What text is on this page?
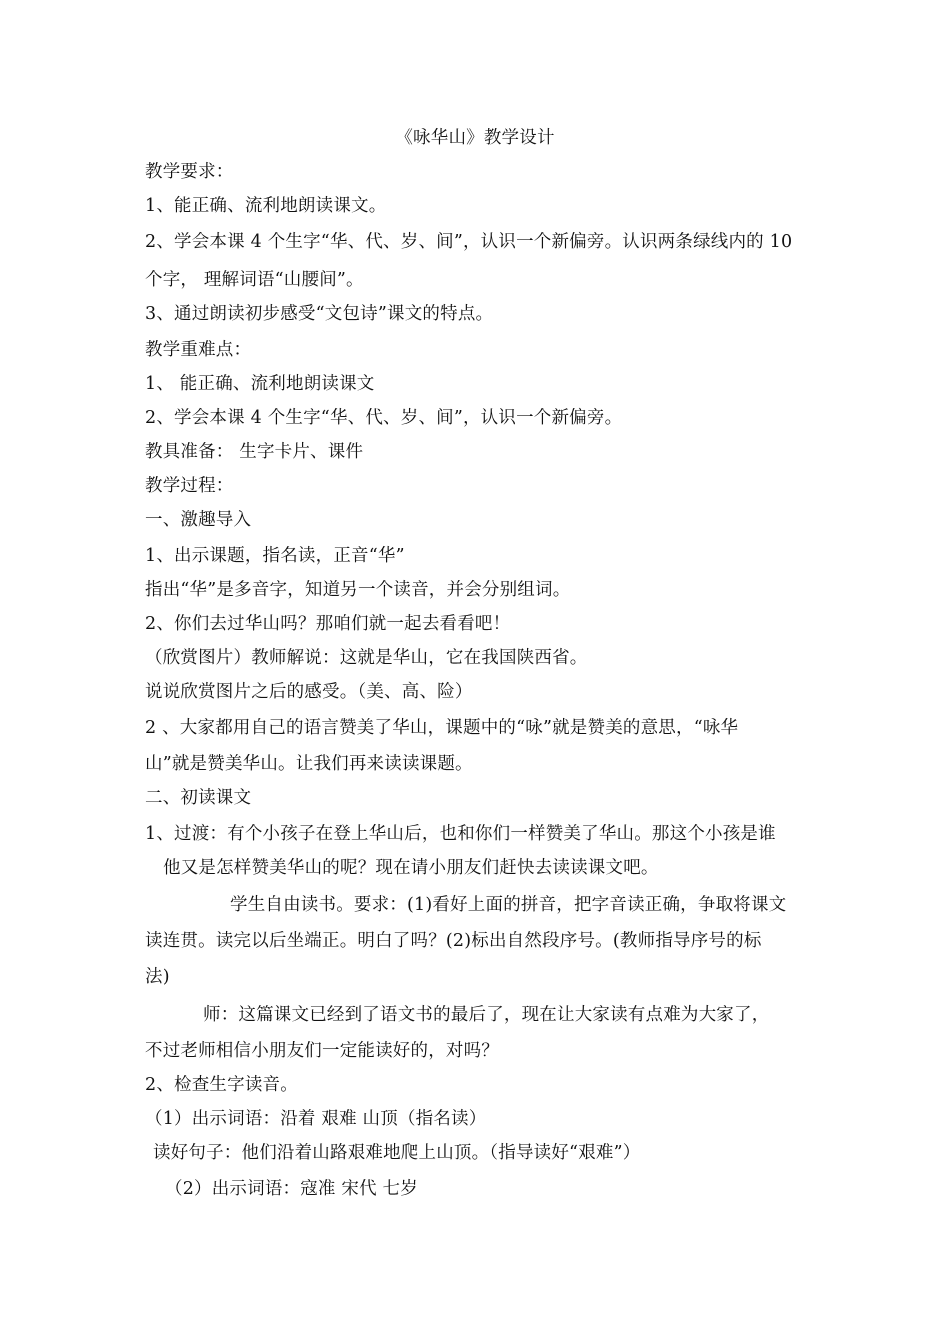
《咏华山》教学设计
教学要求：
1、能正确、流利地朗读课文。
2、学会本课 4 个生字“华、代、岁、间”，认识一个新偏旁。认识两条绿线内的 10
个字， 理解词语“山腰间”。
3、通过朗读初步感受“文包诗”课文的特点。
教学重难点：
1、 能正确、流利地朗读课文
2、学会本课 4 个生字“华、代、岁、间”，认识一个新偏旁。
教具准备： 生字卡片、课件
教学过程：
一、激趣导入
1、出示课题，指名读，正音“华”
指出“华”是多音字，知道另一个读音，并会分别组词。
2、你们去过华山吗？那咱们就一起去看看吧！
（欣赏图片）教师解说：这就是华山，它在我国陕西省。
说说欣赏图片之后的感受。（美、高、险）
2 、大家都用自己的语言赞美了华山，课题中的“咏”就是赞美的意思，“咏华
山”就是赞美华山。让我们再来读读课题。
二、初读课文
1、过渡：有个小孩子在登上华山后，也和你们一样赞美了华山。那这个小孩是谁
他又是怎样赞美华山的呢？现在请小朋友们赶快去读读课文吧。
学生自由读书。要求：(1)看好上面的拼音，把字音读正确，争取将课文
读连贯。读完以后坐端正。明白了吗？(2)标出自然段序号。(教师指导序号的标
法)
师：这篇课文已经到了语文书的最后了，现在让大家读有点难为大家了，
不过老师相信小朋友们一定能读好的，对吗？
2、检查生字读音。
（1）出示词语：沿着 艰难 山顶（指名读）
读好句子：他们沿着山路艰难地爬上山顶。（指导读好“艰难”）
（2）出示词语：寇准 宋代 七岁
